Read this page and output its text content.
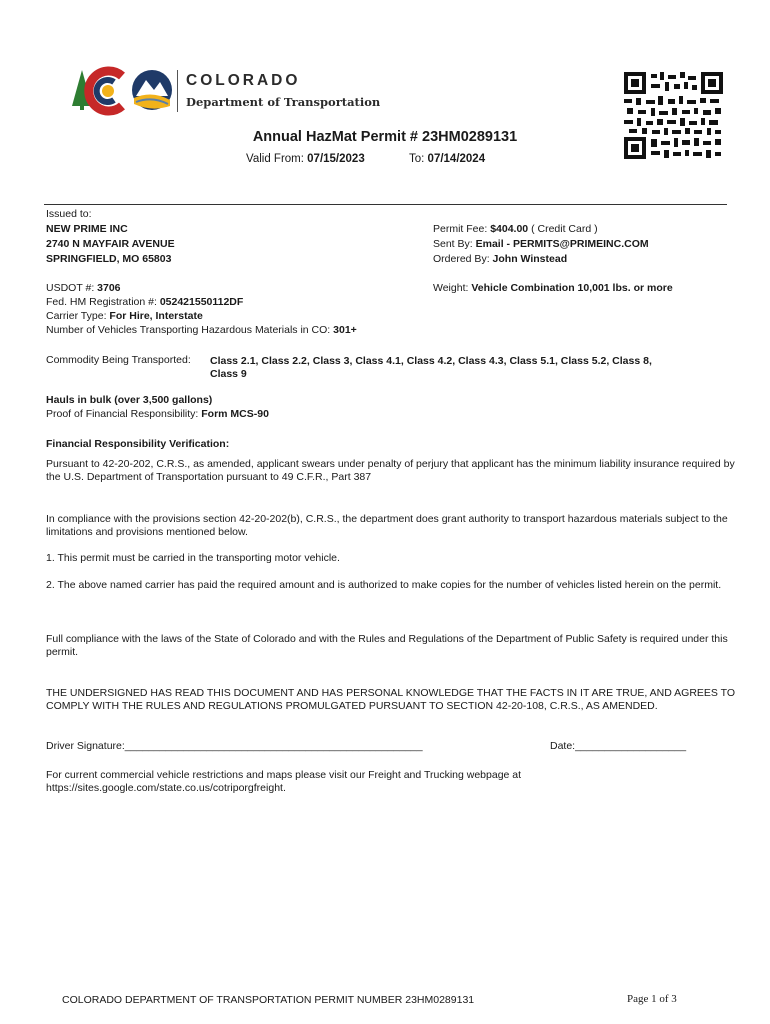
COLORADO
Department of Transportation
Annual HazMat Permit # 23HM0289131
Valid From: 07/15/2023	To: 07/14/2024
Issued to:
NEW PRIME INC
2740 N MAYFAIR AVENUE
SPRINGFIELD, MO 65803
Permit Fee: $404.00 ( Credit Card )
Sent By: Email - PERMITS@PRIMEINC.COM
Ordered By: John Winstead
USDOT #: 3706
Fed. HM Registration #: 052421550112DF
Carrier Type: For Hire, Interstate
Number of Vehicles Transporting Hazardous Materials in CO: 301+
Weight: Vehicle Combination 10,001 lbs. or more
Commodity Being Transported: Class 2.1, Class 2.2, Class 3, Class 4.1, Class 4.2, Class 4.3, Class 5.1, Class 5.2, Class 8,
Class 9
Hauls in bulk (over 3,500 gallons)
Proof of Financial Responsibility: Form MCS-90
Financial Responsibility Verification:
Pursuant to 42-20-202, C.R.S., as amended, applicant swears under penalty of perjury that applicant has the minimum liability insurance required by the U.S. Department of Transportation pursuant to 49 C.F.R., Part 387
In compliance with the provisions section 42-20-202(b), C.R.S., the department does grant authority to transport hazardous materials subject to the limitations and provisions mentioned below.
1. This permit must be carried in the transporting motor vehicle.
2. The above named carrier has paid the required amount and is authorized to make copies for the number of vehicles listed herein on the permit.
Full compliance with the laws of the State of Colorado and with the Rules and Regulations of the Department of Public Safety is required under this permit.
THE UNDERSIGNED HAS READ THIS DOCUMENT AND HAS PERSONAL KNOWLEDGE THAT THE FACTS IN IT ARE TRUE, AND AGREES TO COMPLY WITH THE RULES AND REGULATIONS PROMULGATED PURSUANT TO SECTION 42-20-108, C.R.S., AS AMENDED.
Driver Signature:___________________________________________________	Date:___________________
For current commercial vehicle restrictions and maps please visit our Freight and Trucking webpage at https://sites.google.com/state.co.us/cotriporgfreight.
COLORADO DEPARTMENT OF TRANSPORTATION PERMIT NUMBER 23HM0289131	Page 1 of 3
